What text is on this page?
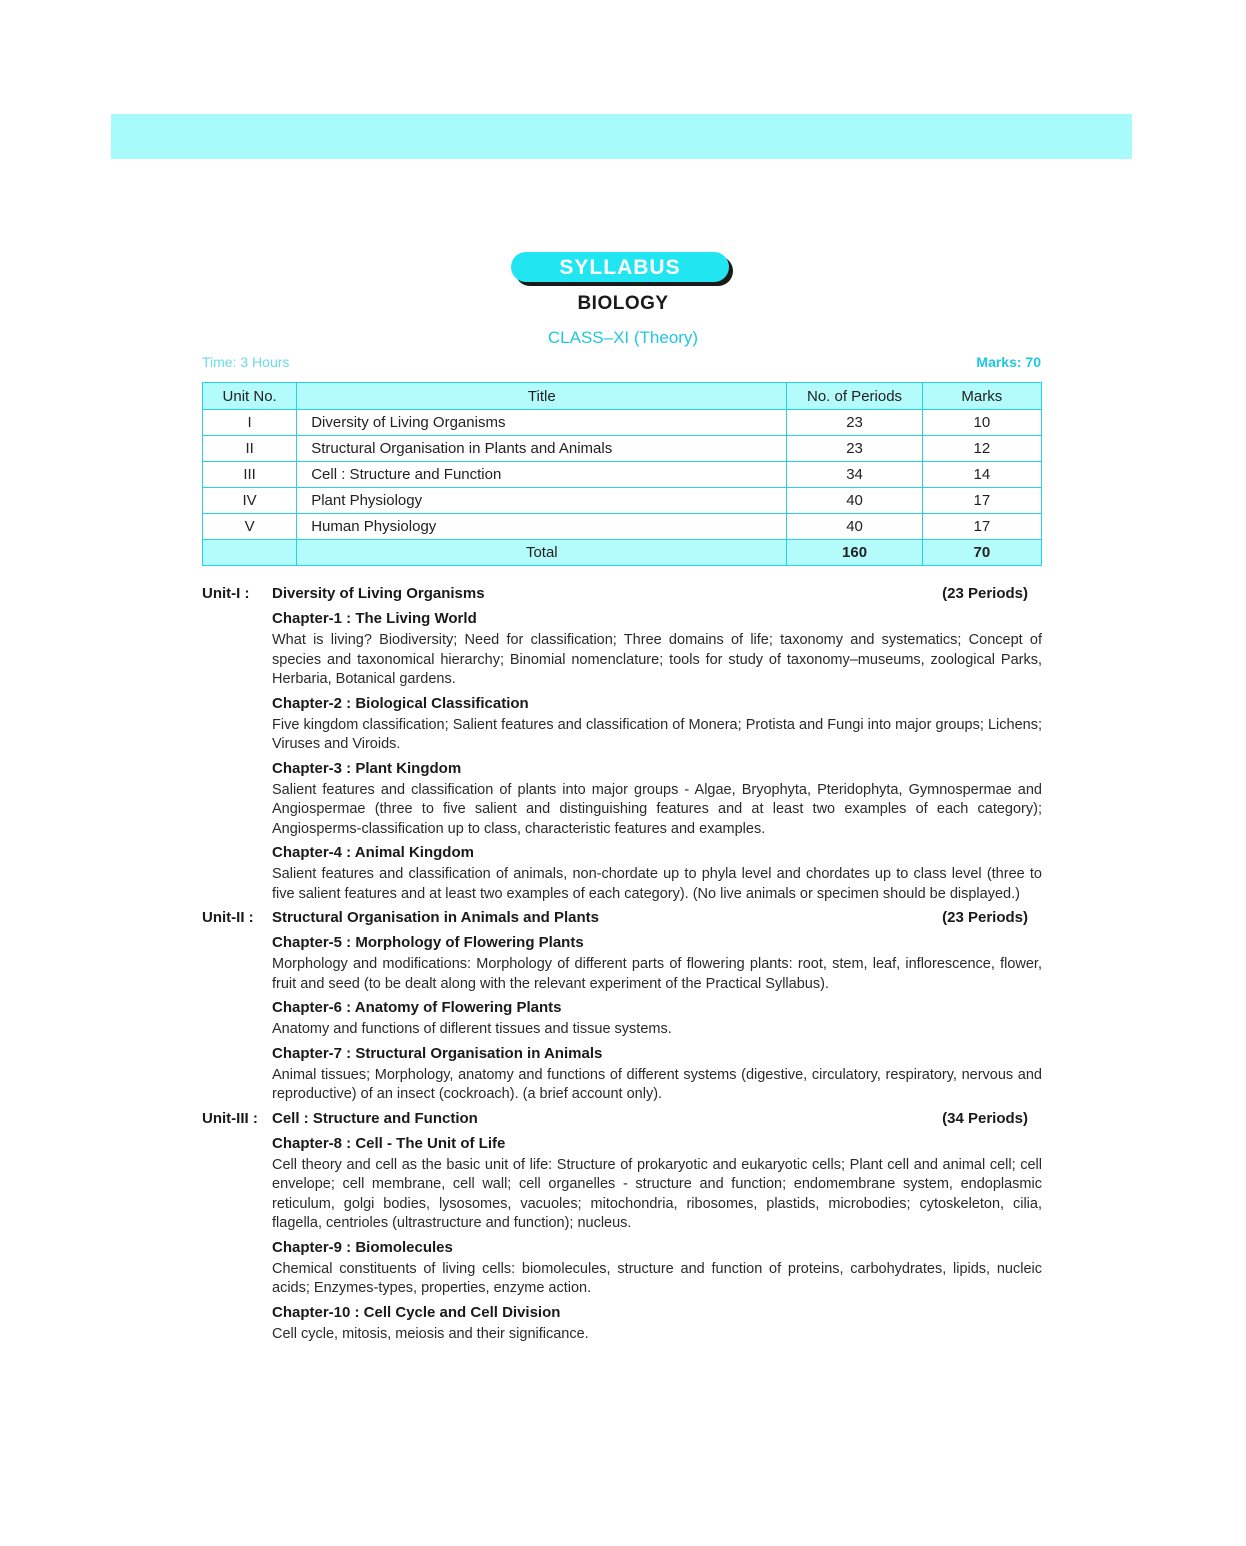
SYLLABUS
BIOLOGY
CLASS–XI (Theory)
Time: 3 Hours	Marks: 70
Unit No.	Title	No. of Periods	Marks
I	Diversity of Living Organisms	23	10
II	Structural Organisation in Plants and Animals	23	12
III	Cell : Structure and Function	34	14
IV	Plant Physiology	40	17
V	Human Physiology	40	17
	Total	160	70
Unit-I : Diversity of Living Organisms	(23 Periods)
Chapter-1 : The Living World
What is living? Biodiversity; Need for classification; Three domains of life; taxonomy and systematics; Concept of species and taxonomical hierarchy; Binomial nomenclature; tools for study of taxonomy–museums, zoological Parks, Herbaria, Botanical gardens.
Chapter-2 : Biological Classification
Five kingdom classification; Salient features and classification of Monera; Protista and Fungi into major groups; Lichens; Viruses and Viroids.
Chapter-3 : Plant Kingdom
Salient features and classification of plants into major groups - Algae, Bryophyta, Pteridophyta, Gymnospermae and Angiospermae (three to five salient and distinguishing features and at least two examples of each category); Angiosperms-classification up to class, characteristic features and examples.
Chapter-4 : Animal Kingdom
Salient features and classification of animals, non-chordate up to phyla level and chordates up to class level (three to five salient features and at least two examples of each category). (No live animals or specimen should be displayed.)
Unit-II : Structural Organisation in Animals and Plants	(23 Periods)
Chapter-5 : Morphology of Flowering Plants
Morphology and modifications: Morphology of different parts of flowering plants: root, stem, leaf, inflorescence, flower, fruit and seed (to be dealt along with the relevant experiment of the Practical Syllabus).
Chapter-6 : Anatomy of Flowering Plants
Anatomy and functions of diflerent tissues and tissue systems.
Chapter-7 : Structural Organisation in Animals
Animal tissues; Morphology, anatomy and functions of different systems (digestive, circulatory, respiratory, nervous and reproductive) of an insect (cockroach). (a brief account only).
Unit-III : Cell : Structure and Function	(34 Periods)
Chapter-8 : Cell - The Unit of Life
Cell theory and cell as the basic unit of life: Structure of prokaryotic and eukaryotic cells; Plant cell and animal cell; cell envelope; cell membrane, cell wall; cell organelles - structure and function; endomembrane system, endoplasmic reticulum, golgi bodies, lysosomes, vacuoles; mitochondria, ribosomes, plastids, microbodies; cytoskeleton, cilia, flagella, centrioles (ultrastructure and function); nucleus.
Chapter-9 : Biomolecules
Chemical constituents of living cells: biomolecules, structure and function of proteins, carbohydrates, lipids, nucleic acids; Enzymes-types, properties, enzyme action.
Chapter-10 : Cell Cycle and Cell Division
Cell cycle, mitosis, meiosis and their significance.
